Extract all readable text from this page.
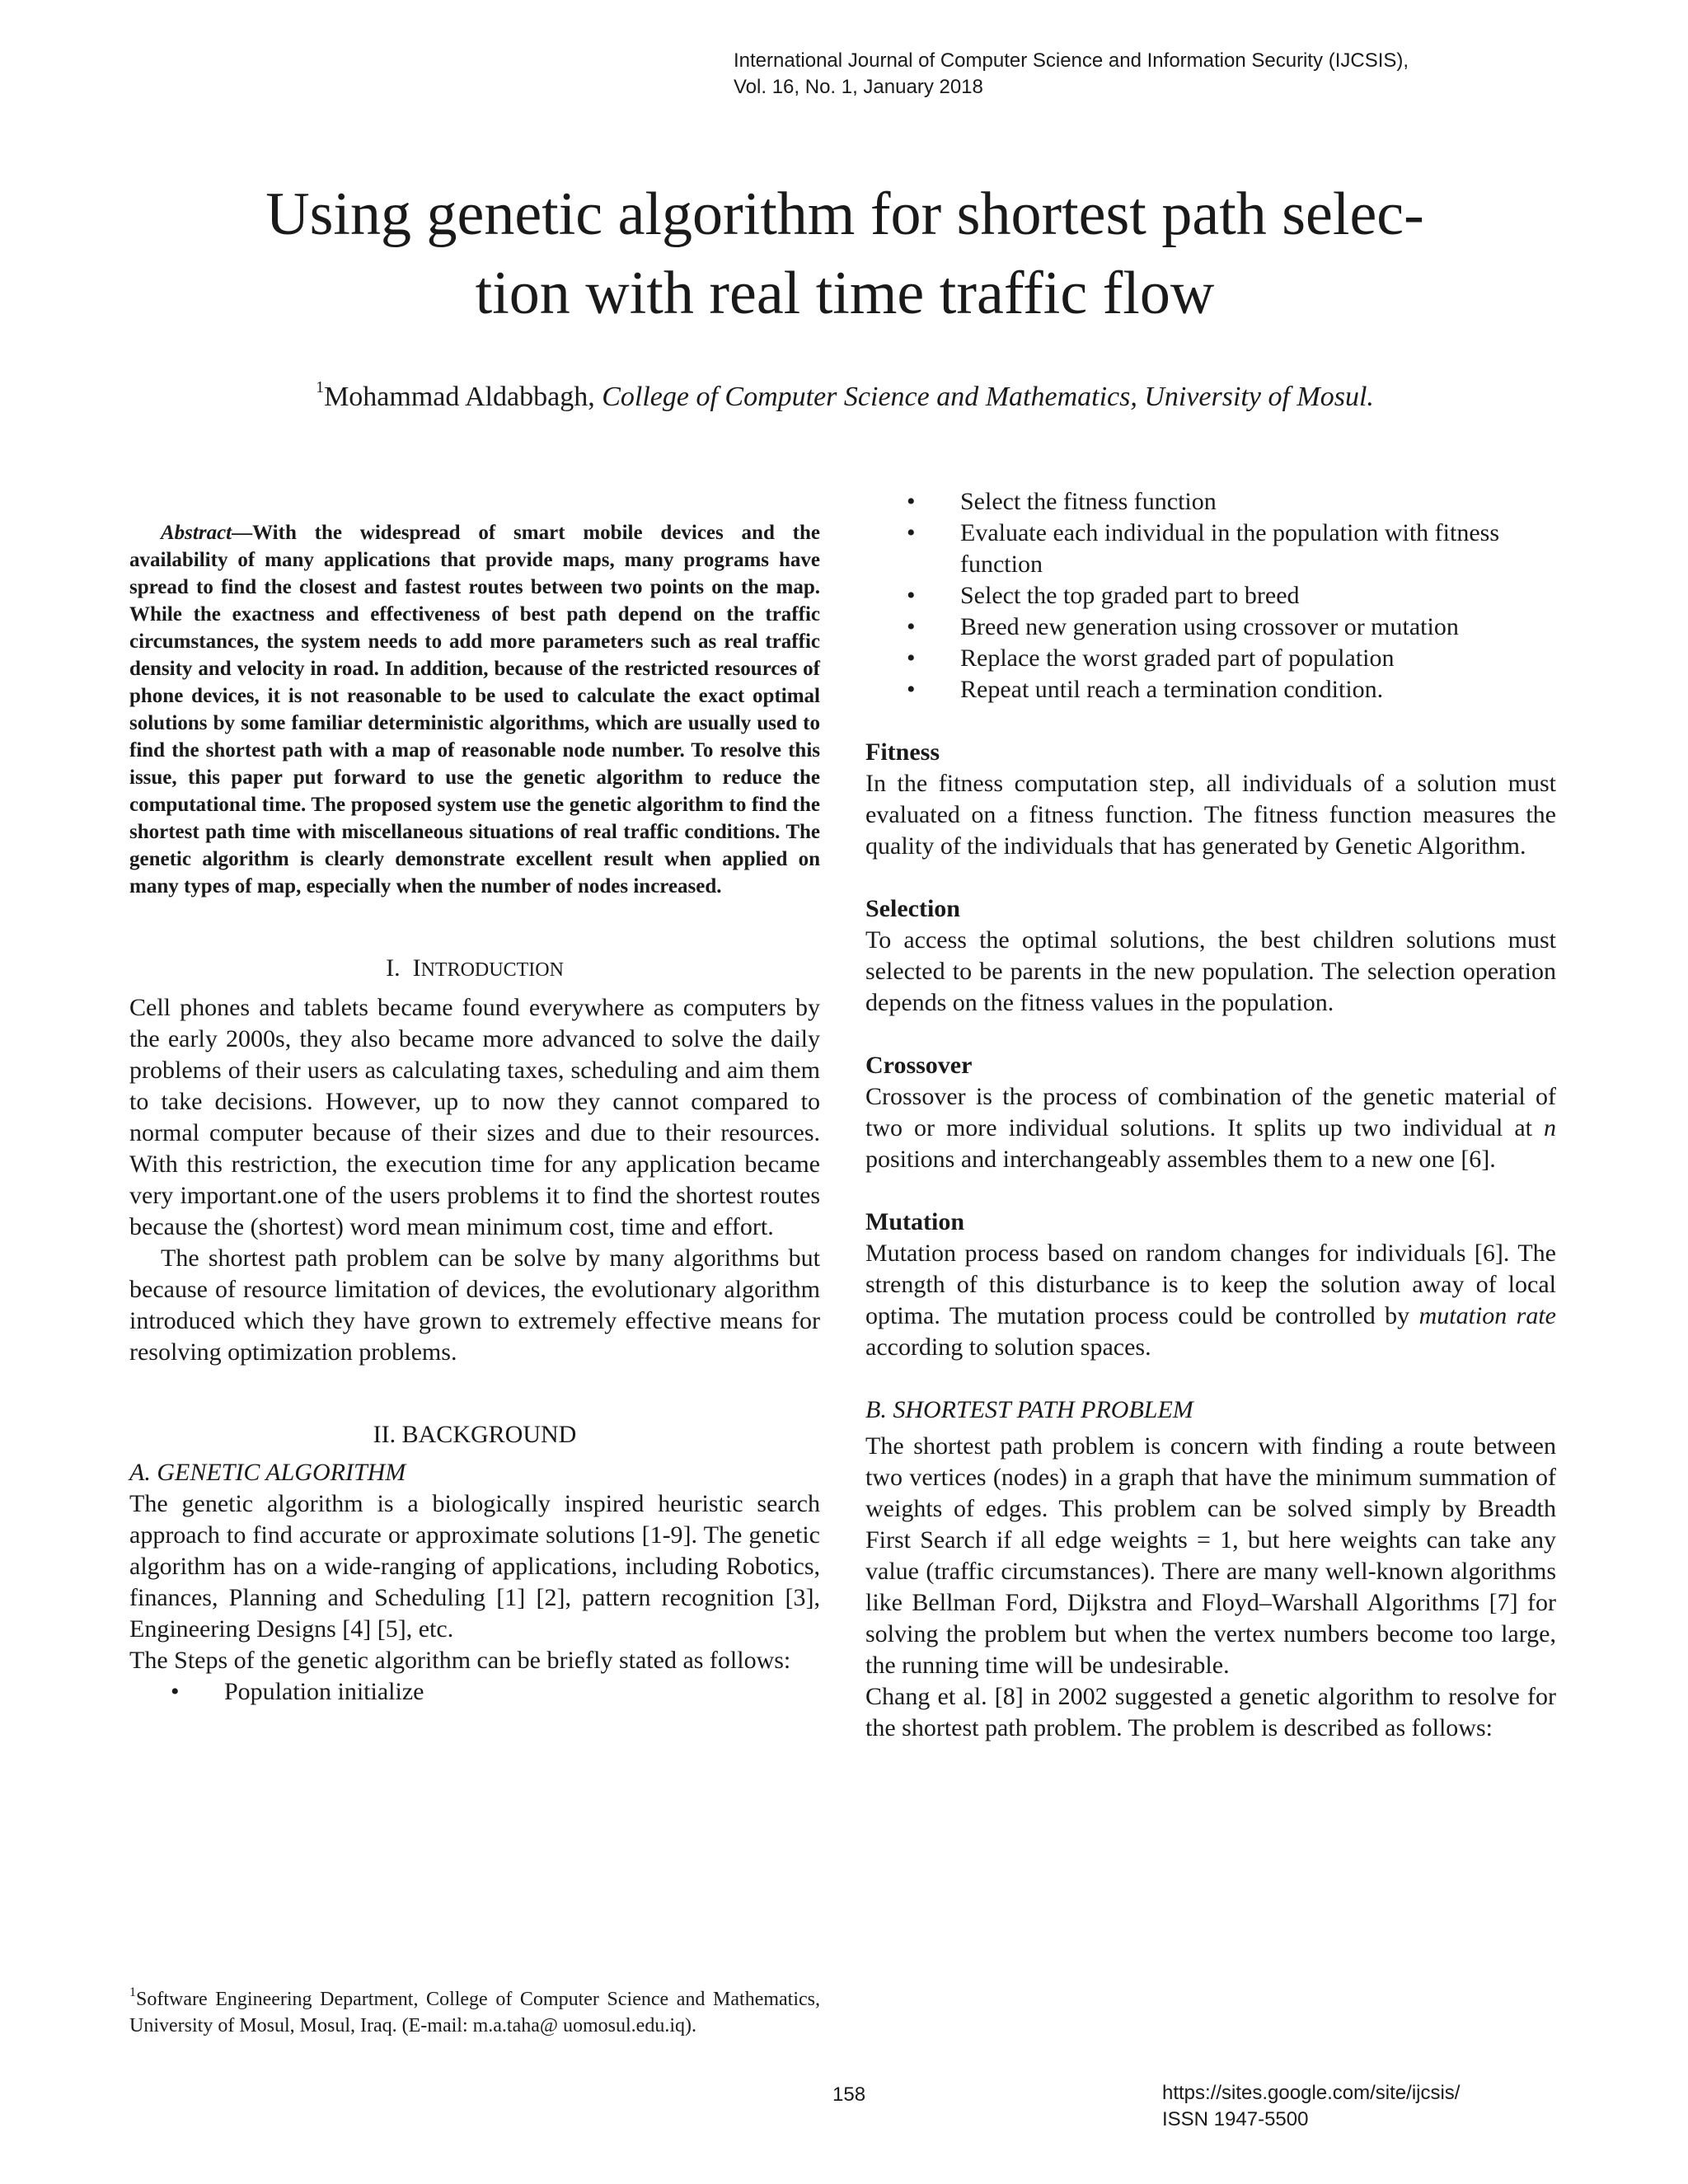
International Journal of Computer Science and Information Security (IJCSIS),
Vol. 16, No. 1, January 2018
Using genetic algorithm for shortest path selec-
tion with real time traffic flow
$^1$Mohammad Aldabbagh, College of Computer Science and Mathematics, University of Mosul.

Abstract—With the widespread of smart mobile devices and the availability of many applications that provide maps, many programs have spread to find the closest and fastest routes between two points on the map. While the exactness and effectiveness of best path depend on the traffic circumstances, the system needs to add more parameters such as real traffic density and velocity in road. In addition, because of the restricted resources of phone devices, it is not reasonable to be used to calculate the exact optimal solutions by some familiar deterministic algorithms, which are usually used to find the shortest path with a map of reasonable node number. To resolve this issue, this paper put forward to use the genetic algorithm to reduce the computational time. The proposed system use the genetic algorithm to find the shortest path time with miscellaneous situations of real traffic conditions. The genetic algorithm is clearly demonstrate excellent result when applied on many types of map, especially when the number of nodes increased.

I. INTRODUCTION

Cell phones and tablets became found everywhere as computers by the early 2000s, they also became more advanced to solve the daily problems of their users as calculating taxes, scheduling and aim them to take decisions. However, up to now they cannot compared to normal computer because of their sizes and due to their resources. With this restriction, the execution time for any application became very important.one of the users problems it to find the shortest routes because the (shortest) word mean minimum cost, time and effort.

The shortest path problem can be solve by many algorithms but because of resource limitation of devices, the evolutionary algorithm introduced which they have grown to extremely effective means for resolving optimization problems.

II. BACKGROUND

A. GENETIC ALGORITHM

The genetic algorithm is a biologically inspired heuristic search approach to find accurate or approximate solutions [1-9]. The genetic algorithm has on a wide-ranging of applications, including Robotics, finances, Planning and Scheduling [1] [2], pattern recognition [3], Engineering Designs [4] [5], etc.

The Steps of the genetic algorithm can be briefly stated as follows:

• Population initialize
• Select the fitness function
• Evaluate each individual in the population with fitness function
• Select the top graded part to breed
• Breed new generation using crossover or mutation
• Replace the worst graded part of population
• Repeat until reach a termination condition.

Fitness

In the fitness computation step, all individuals of a solution must evaluated on a fitness function. The fitness function measures the quality of the individuals that has generated by Genetic Algorithm.

Selection

To access the optimal solutions, the best children solutions must selected to be parents in the new population. The selection operation depends on the fitness values in the population.

Crossover

Crossover is the process of combination of the genetic material of two or more individual solutions. It splits up two individual at n positions and interchangeably assembles them to a new one [6].

Mutation

Mutation process based on random changes for individuals [6]. The strength of this disturbance is to keep the solution away of local optima. The mutation process could be controlled by mutation rate according to solution spaces.

B. SHORTEST PATH PROBLEM

The shortest path problem is concern with finding a route between two vertices (nodes) in a graph that have the minimum summation of weights of edges. This problem can be solved simply by Breadth First Search if all edge weights = 1, but here weights can take any value (traffic circumstances). There are many well-known algorithms like Bellman Ford, Dijkstra and Floyd–Warshall Algorithms [7] for solving the problem but when the vertex numbers become too large, the running time will be undesirable.

Chang et al. [8] in 2002 suggested a genetic algorithm to resolve for the shortest path problem. The problem is described as follows:

$^1$Software Engineering Department, College of Computer Science and Mathematics, University of Mosul, Mosul, Iraq. (E-mail: m.a.taha@ uomosul.edu.iq).
158	https://sites.google.com/site/ijcsis/
ISSN 1947-5500
